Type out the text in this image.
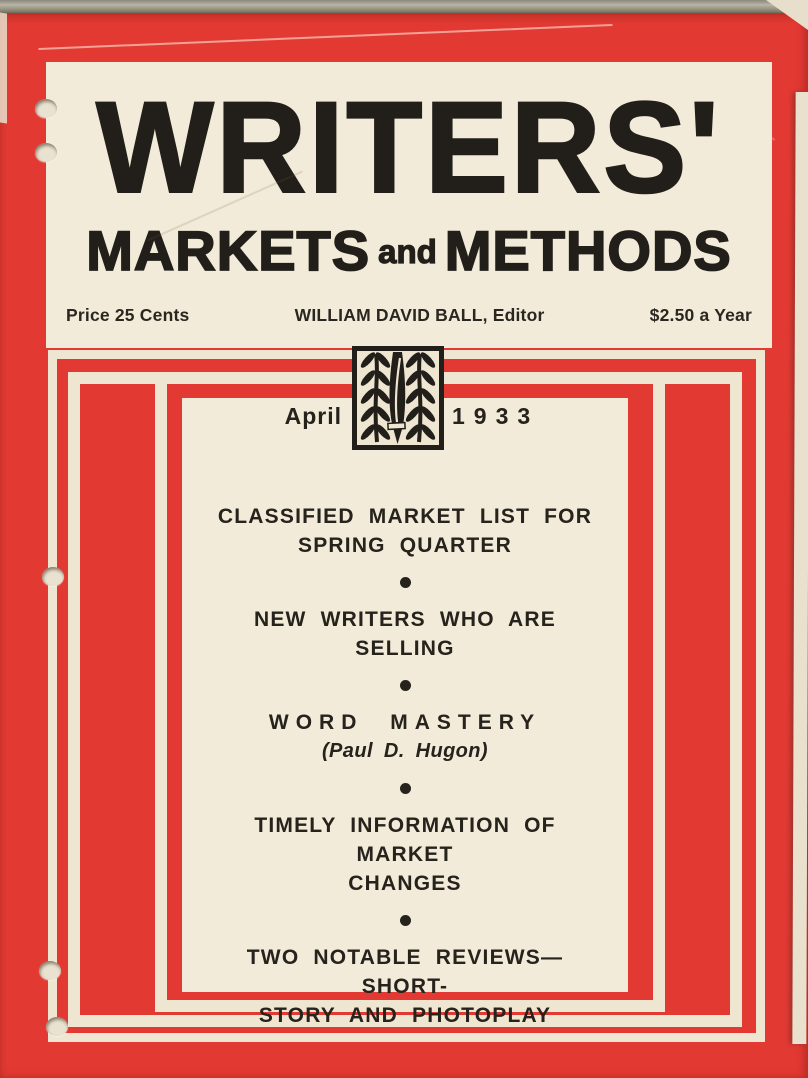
WRITERS'
MARKETS and METHODS
Price 25 Cents	WILLIAM DAVID BALL, Editor	$2.50 a Year
CLASSIFIED MARKET LIST FOR
SPRING QUARTER
NEW WRITERS WHO ARE SELLING
WORD MASTERY
(Paul D. Hugon)
TIMELY INFORMATION OF MARKET
CHANGES
TWO NOTABLE REVIEWS—SHORT-
STORY AND PHOTOPLAY
April	1933
